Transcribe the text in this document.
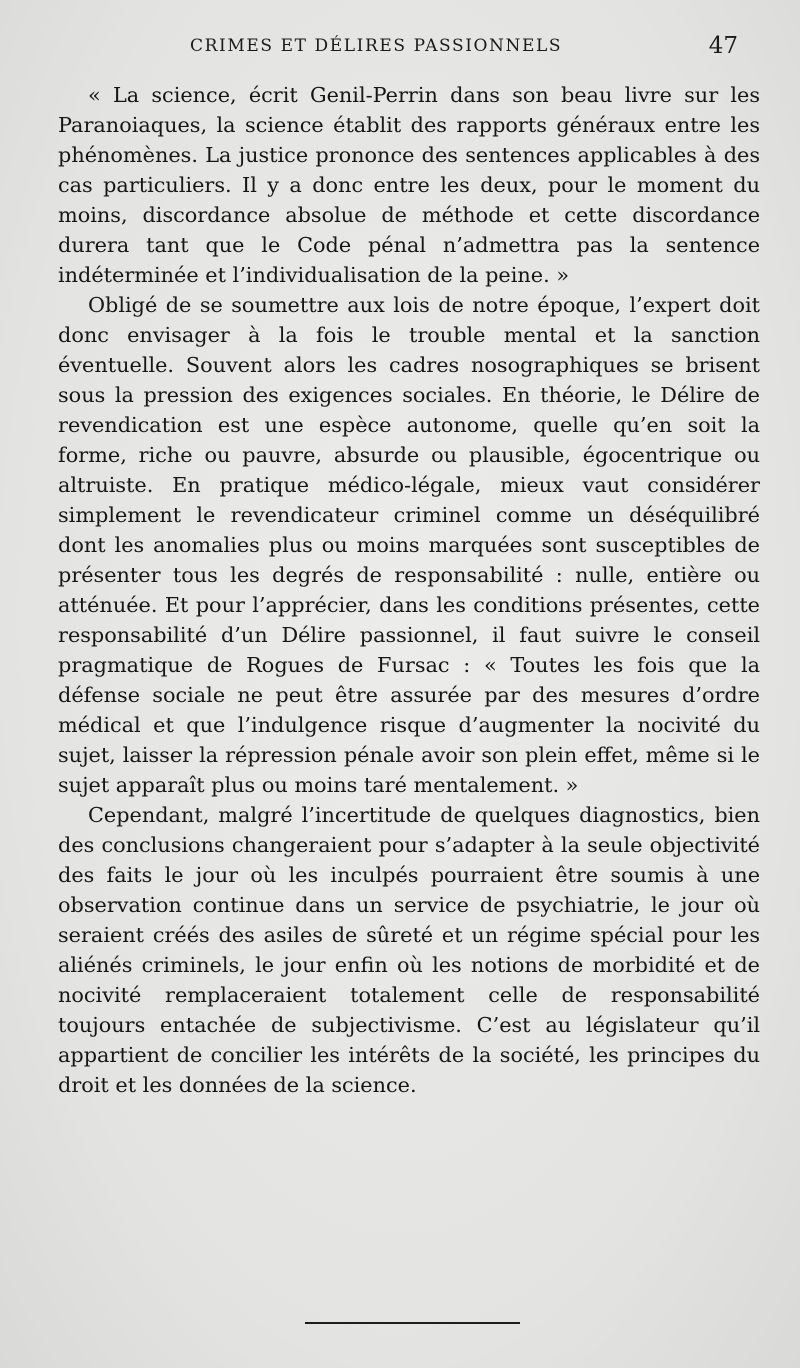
CRIMES ET DÉLIRES PASSIONNELS	47

« La science, écrit Genil-Perrin dans son beau livre sur les Paranoiaques, la science établit des rapports généraux entre les phénomènes. La justice prononce des sentences applicables à des cas particuliers. Il y a donc entre les deux, pour le moment du moins, discordance absolue de méthode et cette discordance durera tant que le Code pénal n’admettra pas la sentence indéterminée et l’individualisation de la peine. »

Obligé de se soumettre aux lois de notre époque, l’expert doit donc envisager à la fois le trouble mental et la sanction éventuelle. Souvent alors les cadres nosographiques se brisent sous la pression des exigences sociales. En théorie, le Délire de revendication est une espèce autonome, quelle qu’en soit la forme, riche ou pauvre, absurde ou plausible, égocentrique ou altruiste. En pratique médico-légale, mieux vaut considérer simplement le revendicateur criminel comme un déséquilibré dont les anomalies plus ou moins marquées sont susceptibles de présenter tous les degrés de responsabilité : nulle, entière ou atténuée. Et pour l’apprécier, dans les conditions présentes, cette responsabilité d’un Délire passionnel, il faut suivre le conseil pragmatique de Rogues de Fursac : « Toutes les fois que la défense sociale ne peut être assurée par des mesures d’ordre médical et que l’indulgence risque d’augmenter la nocivité du sujet, laisser la répression pénale avoir son plein effet, même si le sujet apparaît plus ou moins taré mentalement. »

Cependant, malgré l’incertitude de quelques diagnostics, bien des conclusions changeraient pour s’adapter à la seule objectivité des faits le jour où les inculpés pourraient être soumis à une observation continue dans un service de psychiatrie, le jour où seraient créés des asiles de sûreté et un régime spécial pour les aliénés criminels, le jour enfin où les notions de morbidité et de nocivité remplaceraient totalement celle de responsabilité toujours entachée de subjectivisme. C’est au législateur qu’il appartient de concilier les intérêts de la société, les principes du droit et les données de la science.
